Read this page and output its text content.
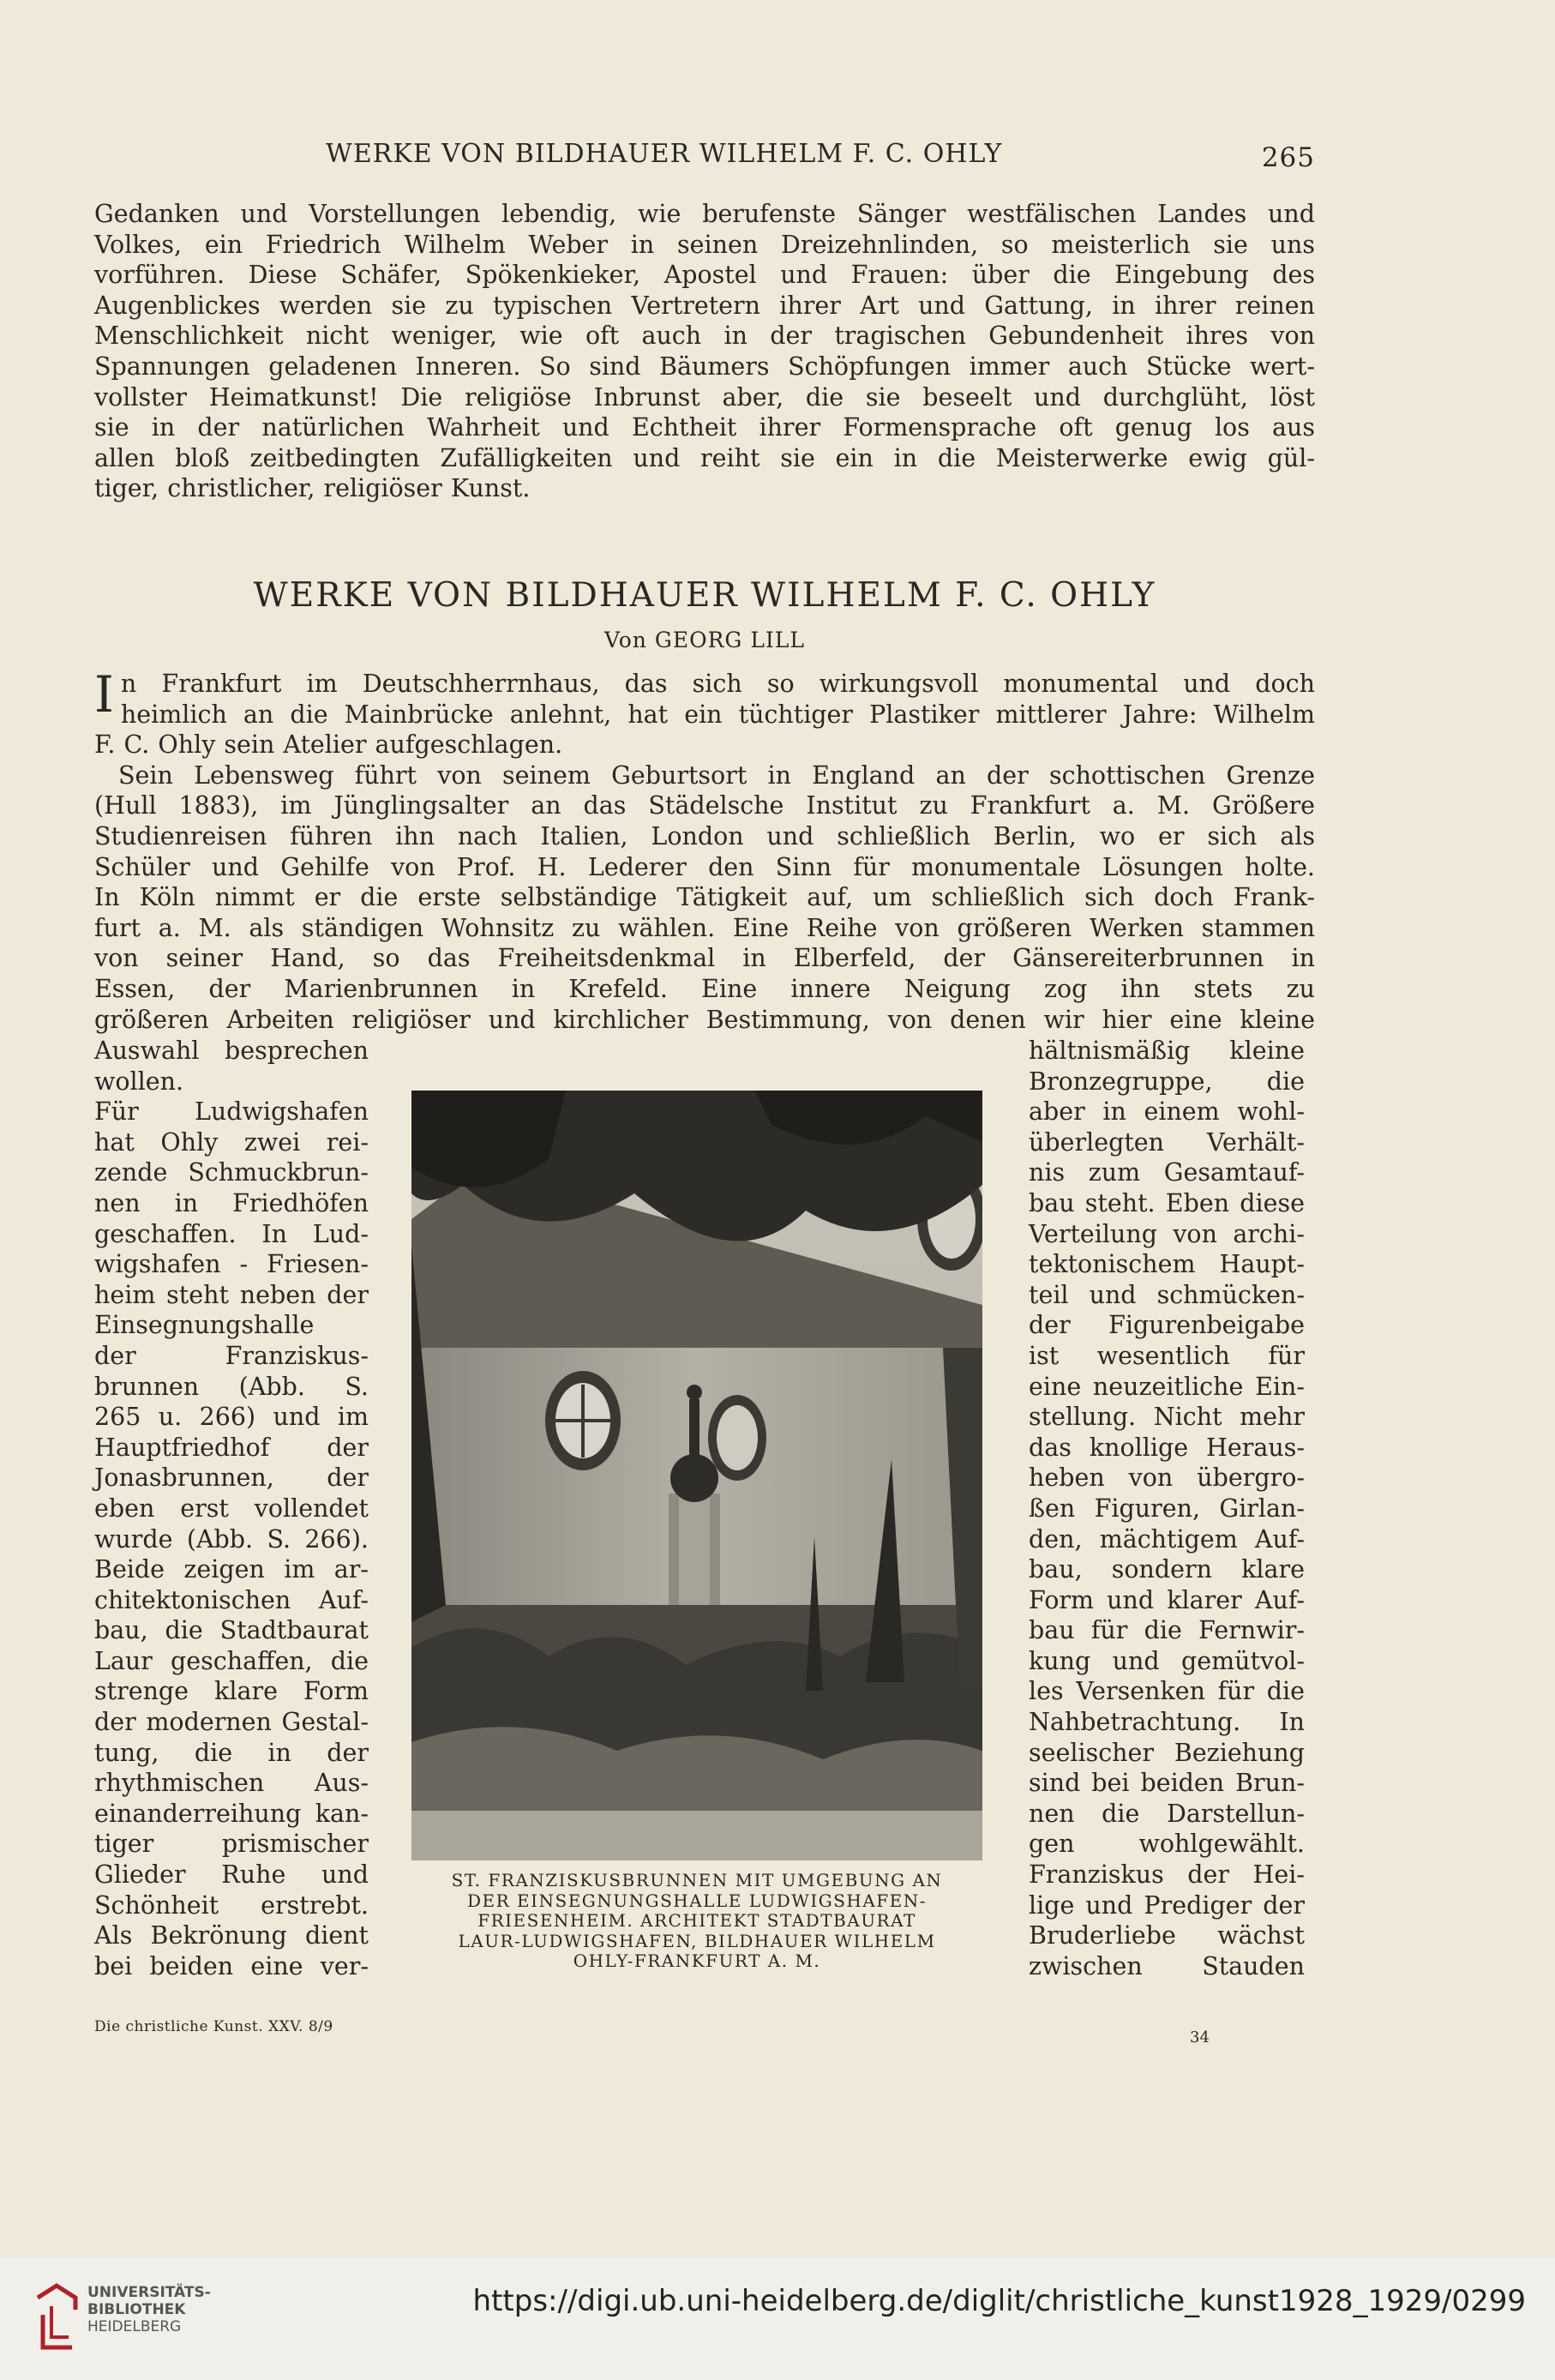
WERKE VON BILDHAUER WILHELM F. C. OHLY	265
Gedanken und Vorstellungen lebendig, wie berufenste Sänger westfälischen Landes und
Volkes, ein Friedrich Wilhelm Weber in seinen Dreizehnlinden, so meisterlich sie uns
vorführen. Diese Schäfer, Spökenkieker, Apostel und Frauen: über die Eingebung des
Augenblickes werden sie zu typischen Vertretern ihrer Art und Gattung, in ihrer reinen
Menschlichkeit nicht weniger, wie oft auch in der tragischen Gebundenheit ihres von
Spannungen geladenen Inneren. So sind Bäumers Schöpfungen immer auch Stücke wert-
vollster Heimatkunst! Die religiöse Inbrunst aber, die sie beseelt und durchglüht, löst
sie in der natürlichen Wahrheit und Echtheit ihrer Formensprache oft genug los aus
allen bloß zeitbedingten Zufälligkeiten und reiht sie ein in die Meisterwerke ewig gül-
tiger, christlicher, religiöser Kunst.
WERKE VON BILDHAUER WILHELM F. C. OHLY
Von GEORG LILL
I n Frankfurt im Deutschherrnhaus, das sich so wirkungsvoll monumental und doch
heimlich an die Mainbrücke anlehnt, hat ein tüchtiger Plastiker mittlerer Jahre: Wilhelm
F. C. Ohly sein Atelier aufgeschlagen.
Sein Lebensweg führt von seinem Geburtsort in England an der schottischen Grenze
(Hull 1883), im Jünglingsalter an das Städelsche Institut zu Frankfurt a. M. Größere
Studienreisen führen ihn nach Italien, London und schließlich Berlin, wo er sich als
Schüler und Gehilfe von Prof. H. Lederer den Sinn für monumentale Lösungen holte.
In Köln nimmt er die erste selbständige Tätigkeit auf, um schließlich sich doch Frank-
furt a. M. als ständigen Wohnsitz zu wählen. Eine Reihe von größeren Werken stammen
von seiner Hand, so das Freiheitsdenkmal in Elberfeld, der Gänsereiterbrunnen in
Essen, der Marienbrunnen in Krefeld. Eine innere Neigung zog ihn stets zu
größeren Arbeiten religiöser und kirchlicher Bestimmung, von denen wir hier eine kleine
Auswahl besprechen
wollen.
Für Ludwigshafen
hat Ohly zwei rei-
zende Schmuckbrun-
nen in Friedhöfen
geschaffen. In Lud-
wigshafen - Friesen-
heim steht neben der
Einsegnungshalle
der Franziskus-
brunnen (Abb. S.
265 u. 266) und im
Hauptfriedhof der
Jonasbrunnen, der
eben erst vollendet
wurde (Abb. S. 266).
Beide zeigen im ar-
chitektonischen Auf-
bau, die Stadtbaurat
Laur geschaffen, die
strenge klare Form
der modernen Gestal-
tung, die in der
rhythmischen Aus-
einanderreihung kan-
tiger prismischer
Glieder Ruhe und
Schönheit erstrebt.
Als Bekrönung dient
bei beiden eine ver-
hältnismäßig kleine
Bronzegruppe, die
aber in einem wohl-
überlegten Verhält-
nis zum Gesamtauf-
bau steht. Eben diese
Verteilung von archi-
tektonischem Haupt-
teil und schmücken-
der Figurenbeigabe
ist wesentlich für
eine neuzeitliche Ein-
stellung. Nicht mehr
das knollige Heraus-
heben von übergro-
ßen Figuren, Girlan-
den, mächtigem Auf-
bau, sondern klare
Form und klarer Auf-
bau für die Fernwir-
kung und gemütvol-
les Versenken für die
Nahbetrachtung. In
seelischer Beziehung
sind bei beiden Brun-
nen die Darstellun-
gen wohlgewählt.
Franziskus der Hei-
lige und Prediger der
Bruderliebe wächst
zwischen Stauden
ST. FRANZISKUSBRUNNEN MIT UMGEBUNG AN
DER EINSEGNUNGSHALLE LUDWIGSHAFEN-
FRIESENHEIM. ARCHITEKT STADTBAURAT
LAUR-LUDWIGSHAFEN, BILDHAUER WILHELM
OHLY-FRANKFURT A. M.
Die christliche Kunst. XXV. 8/9
34
UNIVERSITÄTS-
BIBLIOTHEK
HEIDELBERG
https://digi.ub.uni-heidelberg.de/diglit/christliche_kunst1928_1929/0299
